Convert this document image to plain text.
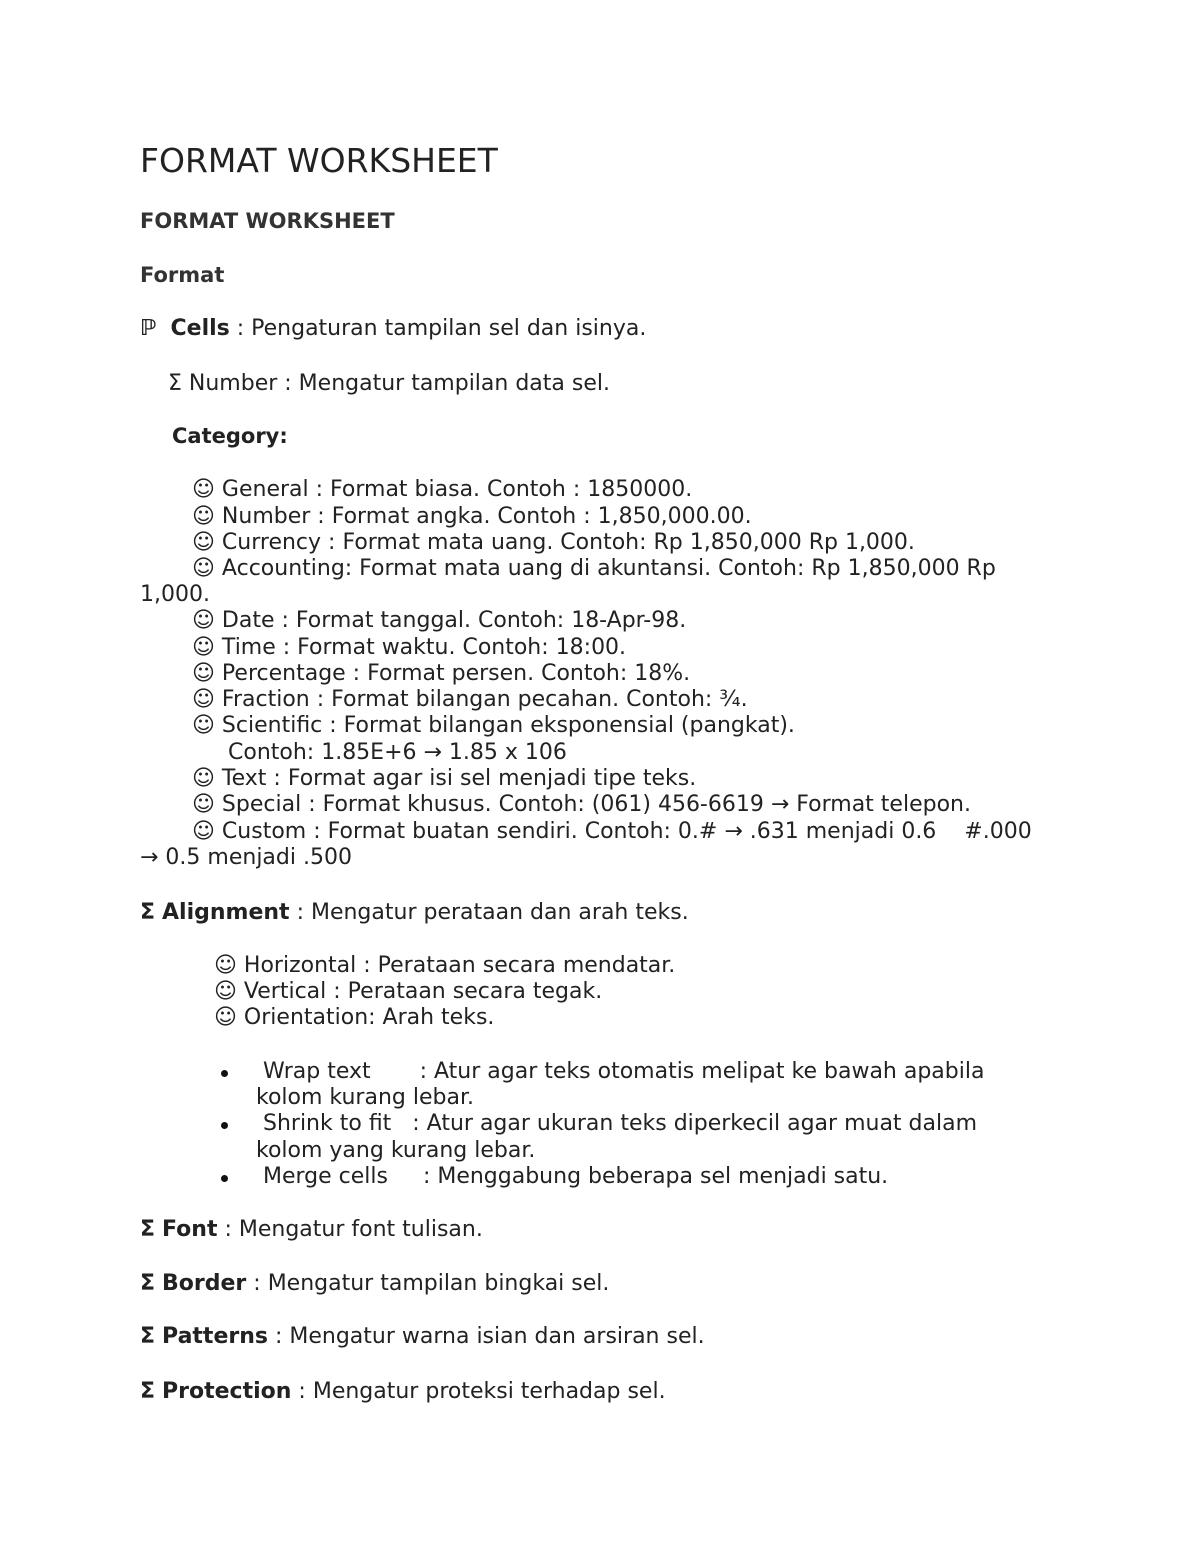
FORMAT WORKSHEET
FORMAT WORKSHEET
Format
ℙ Cells : Pengaturan tampilan sel dan isinya.
Σ Number : Mengatur tampilan data sel.
Category:
☺ General : Format biasa. Contoh : 1850000.
☺ Number : Format angka. Contoh : 1,850,000.00.
☺ Currency : Format mata uang. Contoh: Rp 1,850,000 Rp 1,000.
☺ Accounting: Format mata uang di akuntansi. Contoh: Rp 1,850,000 Rp
1,000.
☺ Date : Format tanggal. Contoh: 18-Apr-98.
☺ Time : Format waktu. Contoh: 18:00.
☺ Percentage : Format persen. Contoh: 18%.
☺ Fraction : Format bilangan pecahan. Contoh: ¾.
☺ Scientific : Format bilangan eksponensial (pangkat).
Contoh: 1.85E+6 → 1.85 x 106
☺ Text : Format agar isi sel menjadi tipe teks.
☺ Special : Format khusus. Contoh: (061) 456-6619 → Format telepon.
☺ Custom : Format buatan sendiri. Contoh: 0.# → .631 menjadi 0.6    #.000
→ 0.5 menjadi .500
Σ Alignment : Mengatur perataan dan arah teks.
☺ Horizontal : Perataan secara mendatar.
☺ Vertical : Perataan secara tegak.
☺ Orientation: Arah teks.
Wrap text       : Atur agar teks otomatis melipat ke bawah apabila
kolom kurang lebar.
Shrink to fit   : Atur agar ukuran teks diperkecil agar muat dalam
kolom yang kurang lebar.
Merge cells     : Menggabung beberapa sel menjadi satu.
Σ Font : Mengatur font tulisan.
Σ Border : Mengatur tampilan bingkai sel.
Σ Patterns : Mengatur warna isian dan arsiran sel.
Σ Protection : Mengatur proteksi terhadap sel.
